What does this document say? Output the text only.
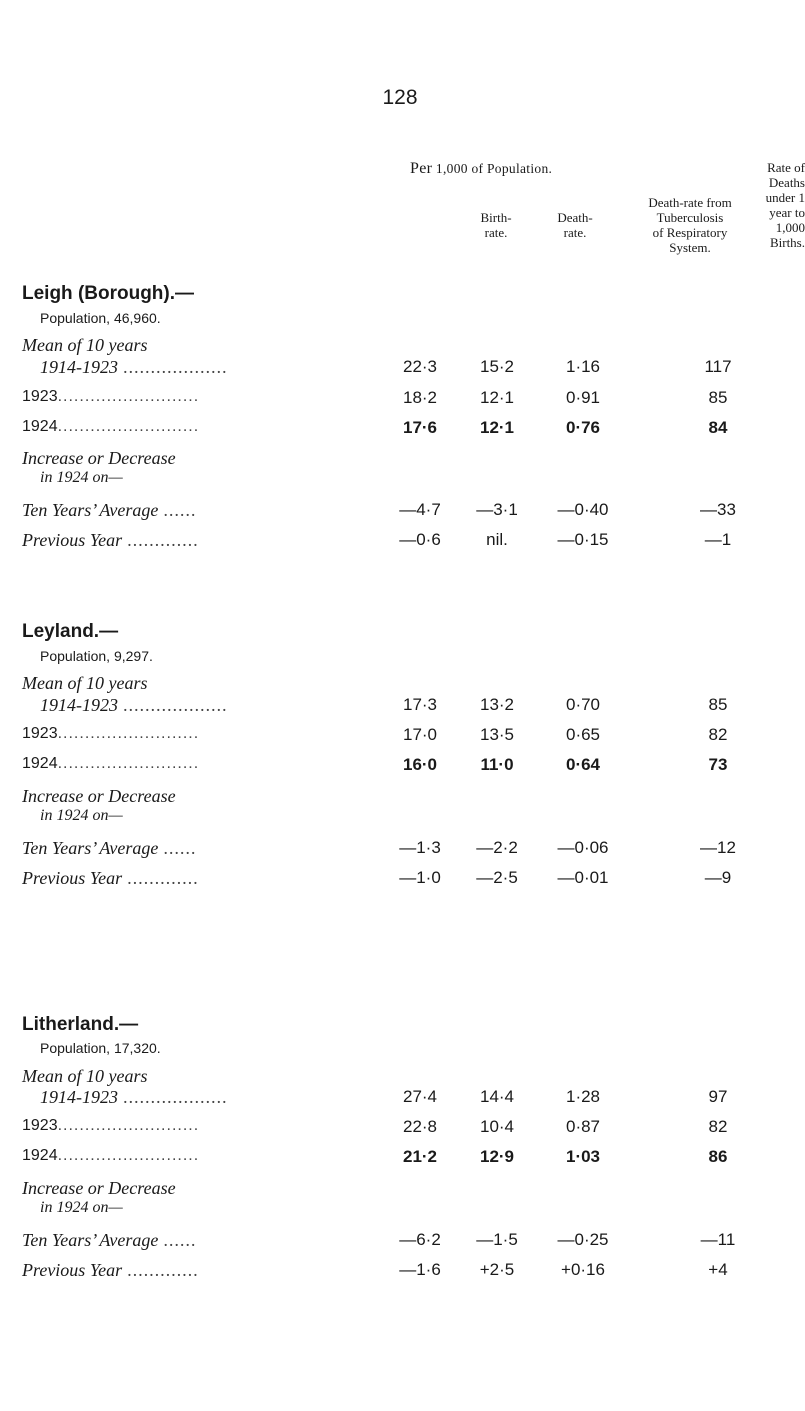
128
Per 1,000 of Population.
Birth-
rate.
Death-
rate.
Death-rate from
Tuberculosis
of Respiratory
System.
Rate of
Deaths
under 1
year to
1,000
Births.
Leigh (Borough).—
Population, 46,960.
Mean of 10 years
1914-1923 ...................	22·3	15·2	1·16	117
1923..........................	18·2	12·1	0·91	85
1924..........................	17·6	12·1	0·76	84
Increase or Decrease
in 1924 on—
Ten Years’ Average ......	—4·7	—3·1	—0·40	—33
Previous Year .............	—0·6	nil.	—0·15	—1
Leyland.—
Population, 9,297.
Mean of 10 years
1914-1923 ...................	17·3	13·2	0·70	85
1923..........................	17·0	13·5	0·65	82
1924..........................	16·0	11·0	0·64	73
Increase or Decrease
in 1924 on—
Ten Years’ Average ......	—1·3	—2·2	—0·06	—12
Previous Year .............	—1·0	—2·5	—0·01	—9
Litherland.—
Population, 17,320.
Mean of 10 years
1914-1923 ...................	27·4	14·4	1·28	97
1923..........................	22·8	10·4	0·87	82
1924..........................	21·2	12·9	1·03	86
Increase or Decrease
in 1924 on—
Ten Years’ Average ......	—6·2	—1·5	—0·25	—11
Previous Year .............	—1·6	+2·5	+0·16	+4
